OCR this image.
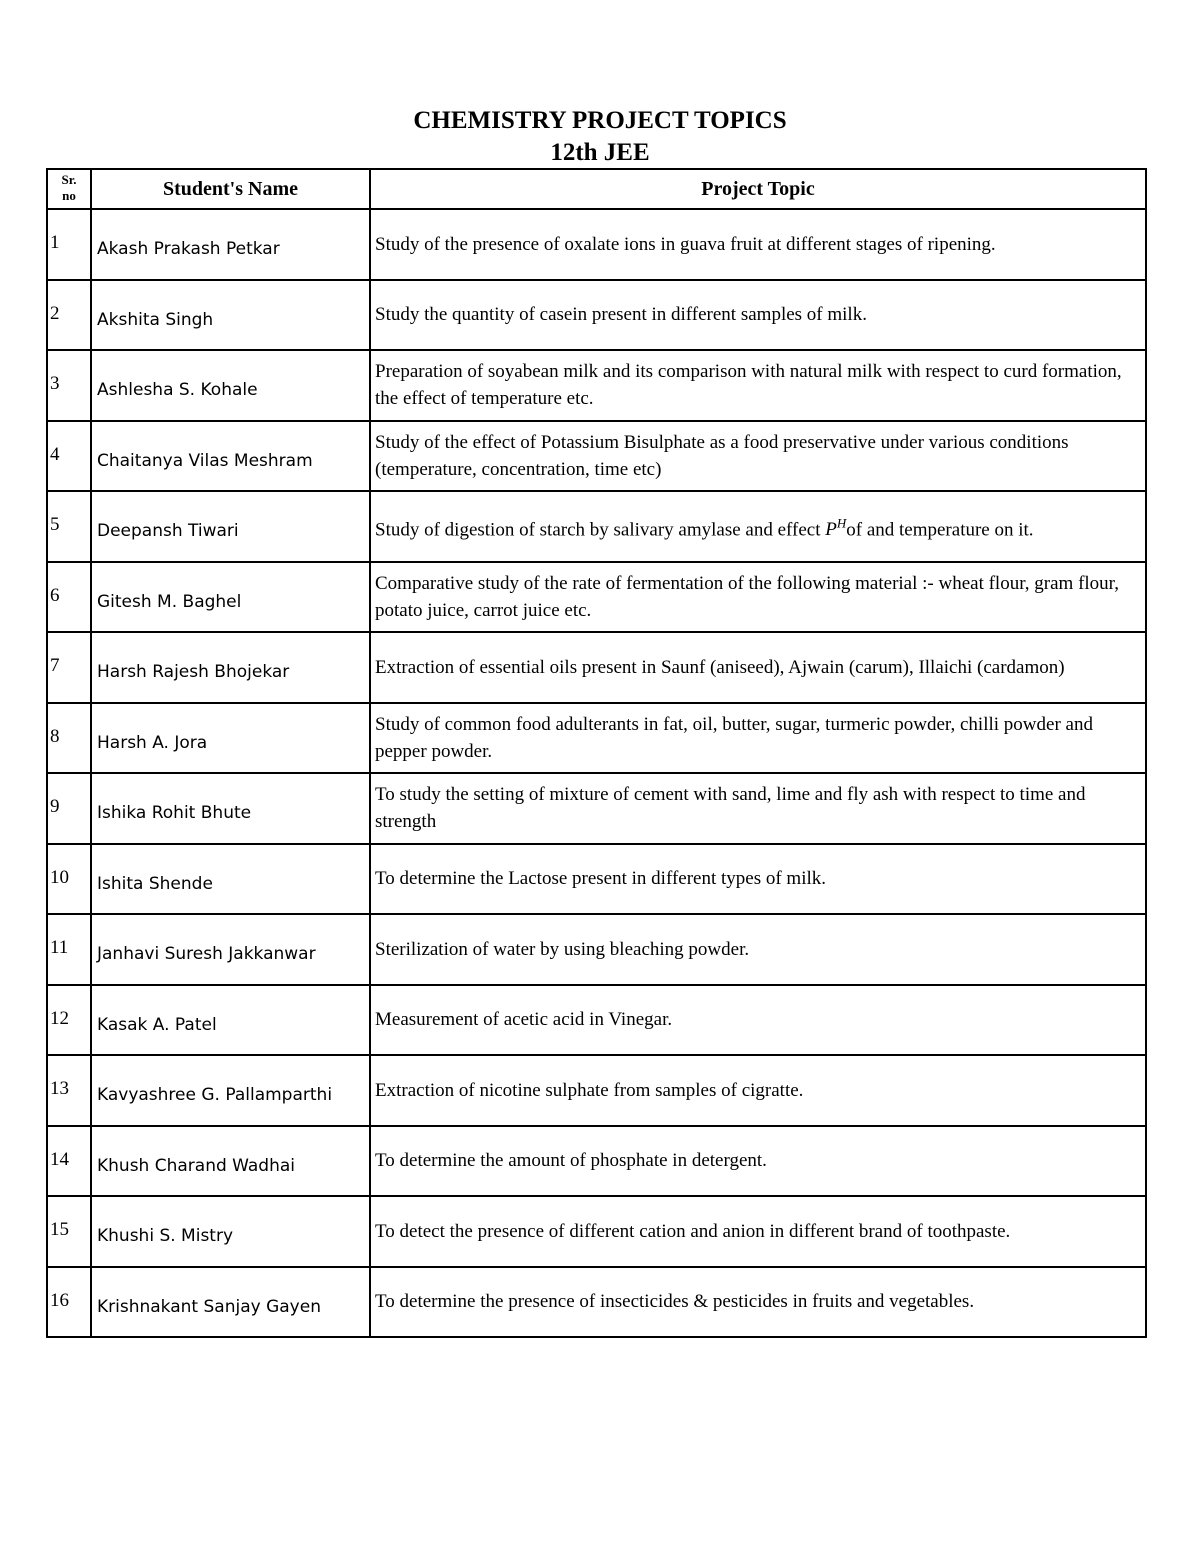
CHEMISTRY PROJECT TOPICS
12th JEE
Sr.
no	Student's Name	Project Topic
1	Akash Prakash Petkar	Study of the presence of oxalate ions in guava fruit at different stages of ripening.
2	Akshita Singh	Study the quantity of casein present in different samples of milk.
3	Ashlesha S. Kohale	Preparation of soyabean milk and its comparison with natural milk with respect to curd formation, the effect of temperature etc.
4	Chaitanya Vilas Meshram	Study of the effect of Potassium Bisulphate as a food preservative under various conditions (temperature, concentration, time etc)
5	Deepansh Tiwari	Study of digestion of starch by salivary amylase and effect $P^Hof$ and temperature on it.
6	Gitesh M. Baghel	Comparative study of the rate of fermentation of the following material :- wheat flour, gram flour, potato juice, carrot juice etc.
7	Harsh Rajesh Bhojekar	Extraction of essential oils present in Saunf (aniseed), Ajwain (carum), Illaichi (cardamon)
8	Harsh A. Jora	Study of common food adulterants in fat, oil, butter, sugar, turmeric powder, chilli powder and pepper powder.
9	Ishika Rohit Bhute	To study the setting of mixture of cement with sand, lime and fly ash with respect to time and strength
10	Ishita Shende	To determine the Lactose present in different types of milk.
11	Janhavi Suresh Jakkanwar	Sterilization of water by using bleaching powder.
12	Kasak A. Patel	Measurement of acetic acid in Vinegar.
13	Kavyashree G. Pallamparthi	Extraction of nicotine sulphate from samples of cigratte.
14	Khush Charand Wadhai	To determine the amount of phosphate in detergent.
15	Khushi S. Mistry	To detect the presence of different cation and anion in different brand of toothpaste.
16	Krishnakant Sanjay Gayen	To determine the presence of insecticides & pesticides in fruits and vegetables.
